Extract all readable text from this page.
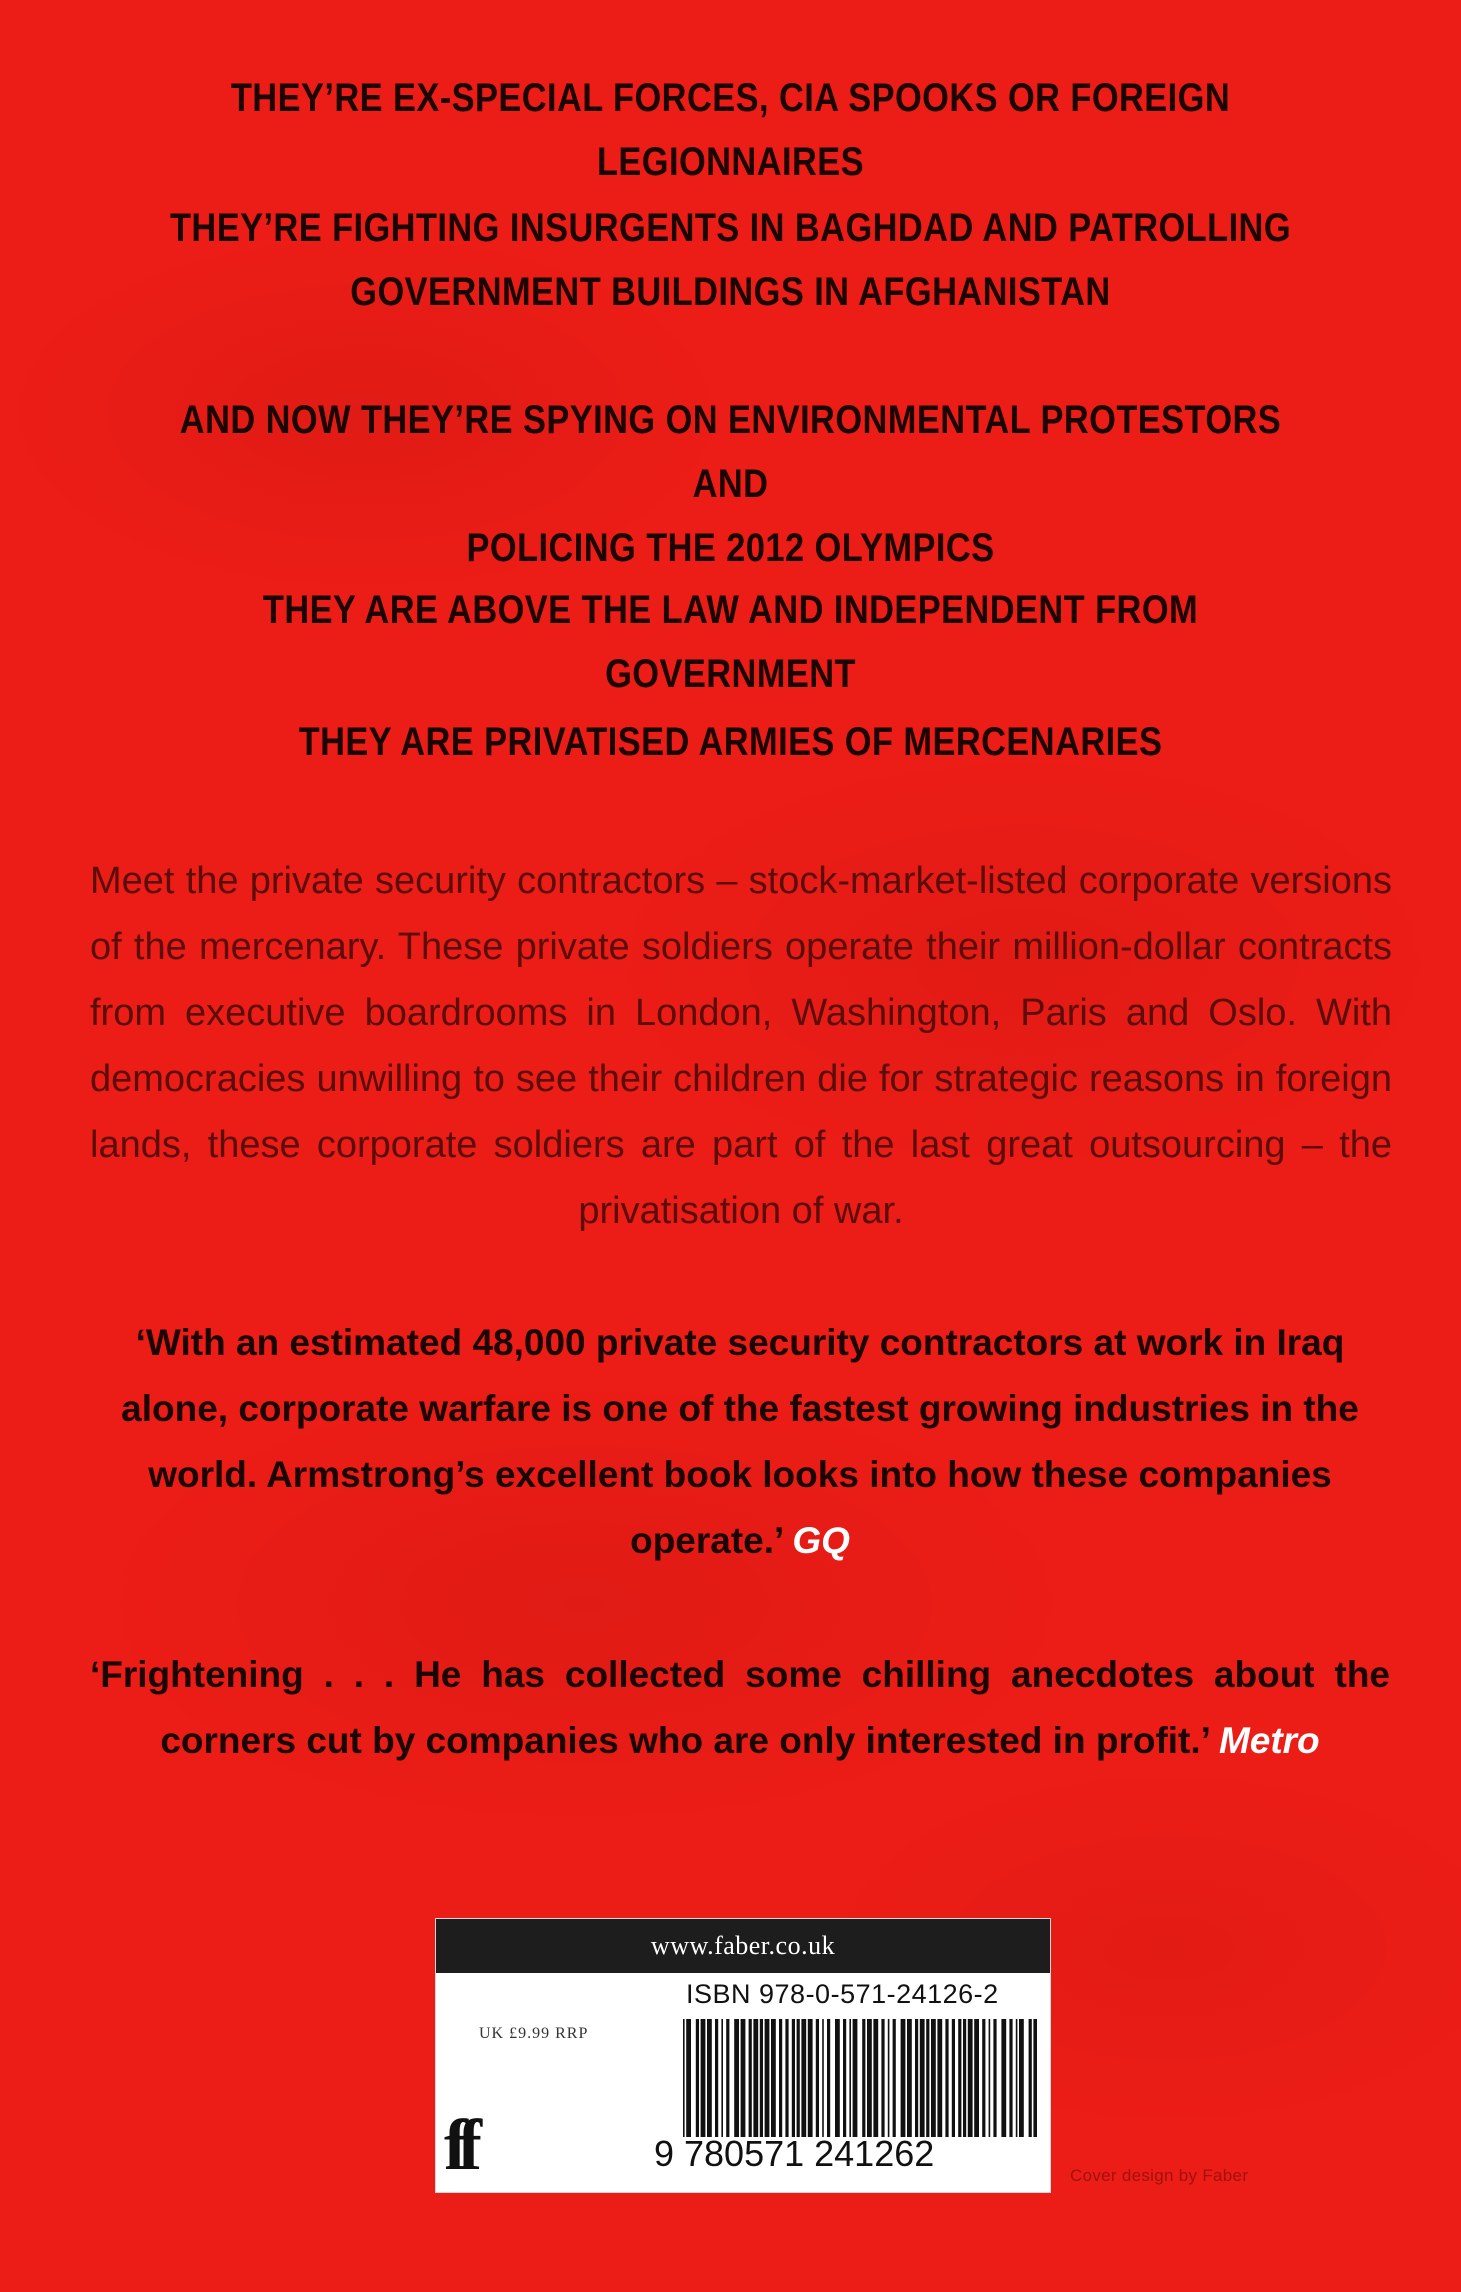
THEY’RE EX-SPECIAL FORCES, CIA SPOOKS OR FOREIGN LEGIONNAIRES
THEY’RE FIGHTING INSURGENTS IN BAGHDAD AND PATROLLING
GOVERNMENT BUILDINGS IN AFGHANISTAN
AND NOW THEY’RE SPYING ON ENVIRONMENTAL PROTESTORS AND
POLICING THE 2012 OLYMPICS
THEY ARE ABOVE THE LAW AND INDEPENDENT FROM GOVERNMENT
THEY ARE PRIVATISED ARMIES OF MERCENARIES

Meet the private security contractors – stock-market-listed corporate versions of the mercenary. These private soldiers operate their million-dollar contracts from executive boardrooms in London, Washington, Paris and Oslo. With democracies unwilling to see their children die for strategic reasons in foreign lands, these corporate soldiers are part of the last great outsourcing – the privatisation of war.

‘With an estimated 48,000 private security contractors at work in Iraq alone, corporate warfare is one of the fastest growing industries in the world. Armstrong’s excellent book looks into how these companies operate.’ GQ

‘Frightening . . . He has collected some chilling anecdotes about the corners cut by companies who are only interested in profit.’ Metro

www.faber.co.uk
ISBN 978-0-571-24126-2
UK £9.99 RRP
ff	9 780571 241262
Cover design by Faber
